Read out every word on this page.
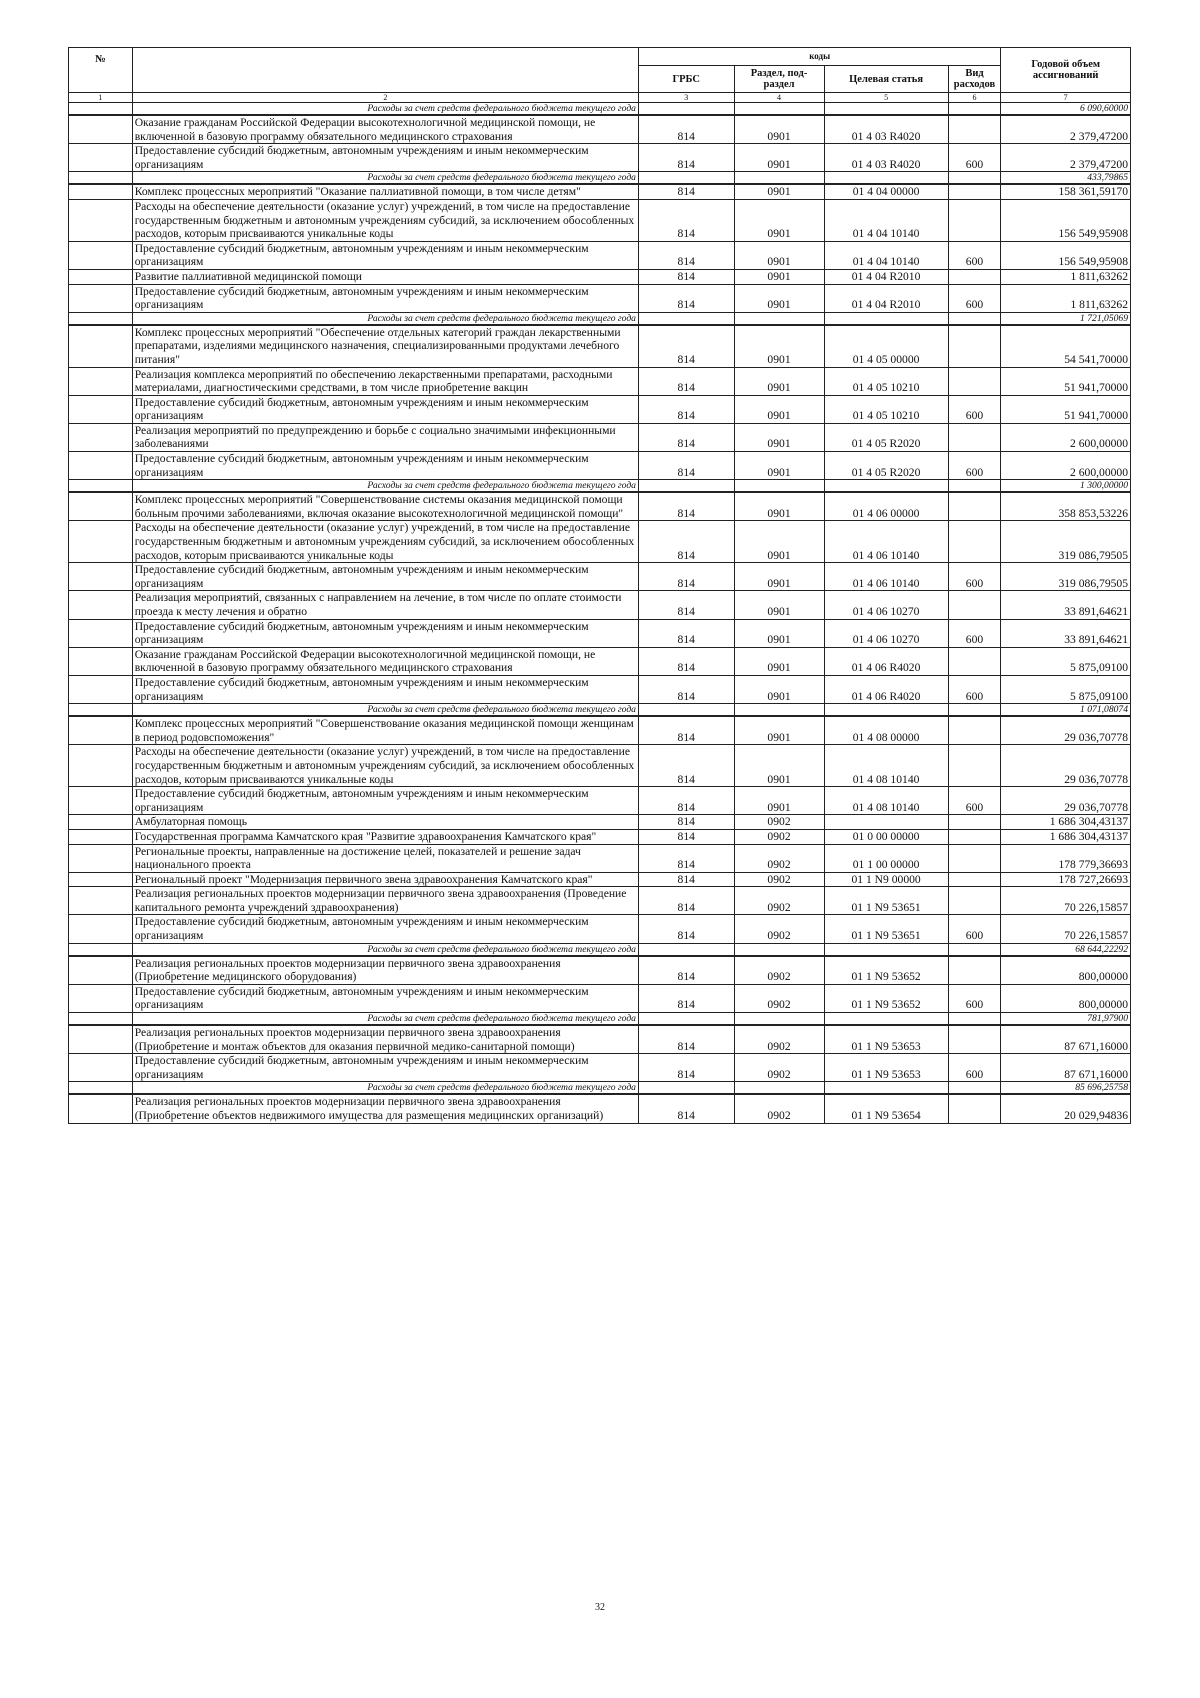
№		коды				Годовой объем ассигнований
		ГРБС	Раздел, под-раздел	Целевая статья	Вид расходов	
1	2	3	4	5	6	7
	Расходы за счет средств федерального бюджета текущего года					6 090,60000
	Оказание гражданам Российской Федерации высокотехнологичной медицинской помощи, не включенной в базовую программу обязательного медицинского страхования	814	0901	01 4 03 R4020		2 379,47200
	Предоставление субсидий бюджетным, автономным учреждениям и иным некоммерческим организациям	814	0901	01 4 03 R4020	600	2 379,47200
	Расходы за счет средств федерального бюджета текущего года					433,79865
	Комплекс процессных мероприятий "Оказание паллиативной помощи, в том числе детям"	814	0901	01 4 04 00000		158 361,59170
	Расходы на обеспечение деятельности (оказание услуг) учреждений, в том числе на предоставление государственным бюджетным и автономным учреждениям субсидий, за исключением обособленных расходов, которым присваиваются уникальные коды	814	0901	01 4 04 10140		156 549,95908
	Предоставление субсидий бюджетным, автономным учреждениям и иным некоммерческим организациям	814	0901	01 4 04 10140	600	156 549,95908
	Развитие паллиативной медицинской помощи	814	0901	01 4 04 R2010		1 811,63262
	Предоставление субсидий бюджетным, автономным учреждениям и иным некоммерческим организациям	814	0901	01 4 04 R2010	600	1 811,63262
	Расходы за счет средств федерального бюджета текущего года					1 721,05069
	Комплекс процессных мероприятий "Обеспечение отдельных категорий граждан лекарственными препаратами, изделиями медицинского назначения, специализированными продуктами лечебного питания"	814	0901	01 4 05 00000		54 541,70000
	Реализация комплекса мероприятий по обеспечению лекарственными препаратами, расходными материалами, диагностическими средствами, в том числе приобретение вакцин	814	0901	01 4 05 10210		51 941,70000
	Предоставление субсидий бюджетным, автономным учреждениям и иным некоммерческим организациям	814	0901	01 4 05 10210	600	51 941,70000
	Реализация мероприятий по предупреждению и борьбе с социально значимыми инфекционными заболеваниями	814	0901	01 4 05 R2020		2 600,00000
	Предоставление субсидий бюджетным, автономным учреждениям и иным некоммерческим организациям	814	0901	01 4 05 R2020	600	2 600,00000
	Расходы за счет средств федерального бюджета текущего года					1 300,00000
	Комплекс процессных мероприятий "Совершенствование системы оказания медицинской помощи больным прочими заболеваниями, включая оказание высокотехнологичной медицинской помощи"	814	0901	01 4 06 00000		358 853,53226
	Расходы на обеспечение деятельности (оказание услуг) учреждений, в том числе на предоставление государственным бюджетным и автономным учреждениям субсидий, за исключением обособленных расходов, которым присваиваются уникальные коды	814	0901	01 4 06 10140		319 086,79505
	Предоставление субсидий бюджетным, автономным учреждениям и иным некоммерческим организациям	814	0901	01 4 06 10140	600	319 086,79505
	Реализация мероприятий, связанных с направлением на лечение, в том числе по оплате стоимости проезда к месту лечения и обратно	814	0901	01 4 06 10270		33 891,64621
	Предоставление субсидий бюджетным, автономным учреждениям и иным некоммерческим организациям	814	0901	01 4 06 10270	600	33 891,64621
	Оказание гражданам Российской Федерации высокотехнологичной медицинской помощи, не включенной в базовую программу обязательного медицинского страхования	814	0901	01 4 06 R4020		5 875,09100
	Предоставление субсидий бюджетным, автономным учреждениям и иным некоммерческим организациям	814	0901	01 4 06 R4020	600	5 875,09100
	Расходы за счет средств федерального бюджета текущего года					1 071,08074
	Комплекс процессных мероприятий "Совершенствование оказания медицинской помощи женщинам в период родовспоможения"	814	0901	01 4 08 00000		29 036,70778
	Расходы на обеспечение деятельности (оказание услуг) учреждений, в том числе на предоставление государственным бюджетным и автономным учреждениям субсидий, за исключением обособленных расходов, которым присваиваются уникальные коды	814	0901	01 4 08 10140		29 036,70778
	Предоставление субсидий бюджетным, автономным учреждениям и иным некоммерческим организациям	814	0901	01 4 08 10140	600	29 036,70778
	Амбулаторная помощь	814	0902			1 686 304,43137
	Государственная программа Камчатского края "Развитие здравоохранения Камчатского края"	814	0902	01 0 00 00000		1 686 304,43137
	Региональные проекты, направленные на достижение целей, показателей и решение задач национального проекта	814	0902	01 1 00 00000		178 779,36693
	Региональный проект "Модернизация первичного звена здравоохранения Камчатского края"	814	0902	01 1 N9 00000		178 727,26693
	Реализация региональных проектов модернизации первичного звена здравоохранения (Проведение капитального ремонта учреждений здравоохранения)	814	0902	01 1 N9 53651		70 226,15857
	Предоставление субсидий бюджетным, автономным учреждениям и иным некоммерческим организациям	814	0902	01 1 N9 53651	600	70 226,15857
	Расходы за счет средств федерального бюджета текущего года					68 644,22292
	Реализация региональных проектов модернизации первичного звена здравоохранения (Приобретение медицинского оборудования)	814	0902	01 1 N9 53652		800,00000
	Предоставление субсидий бюджетным, автономным учреждениям и иным некоммерческим организациям	814	0902	01 1 N9 53652	600	800,00000
	Расходы за счет средств федерального бюджета текущего года					781,97900
	Реализация региональных проектов модернизации первичного звена здравоохранения (Приобретение и монтаж объектов для оказания первичной медико-санитарной помощи)	814	0902	01 1 N9 53653		87 671,16000
	Предоставление субсидий бюджетным, автономным учреждениям и иным некоммерческим организациям	814	0902	01 1 N9 53653	600	87 671,16000
	Расходы за счет средств федерального бюджета текущего года					85 696,25758
	Реализация региональных проектов модернизации первичного звена здравоохранения (Приобретение объектов недвижимого имущества для размещения медицинских организаций)	814	0902	01 1 N9 53654		20 029,94836
32
